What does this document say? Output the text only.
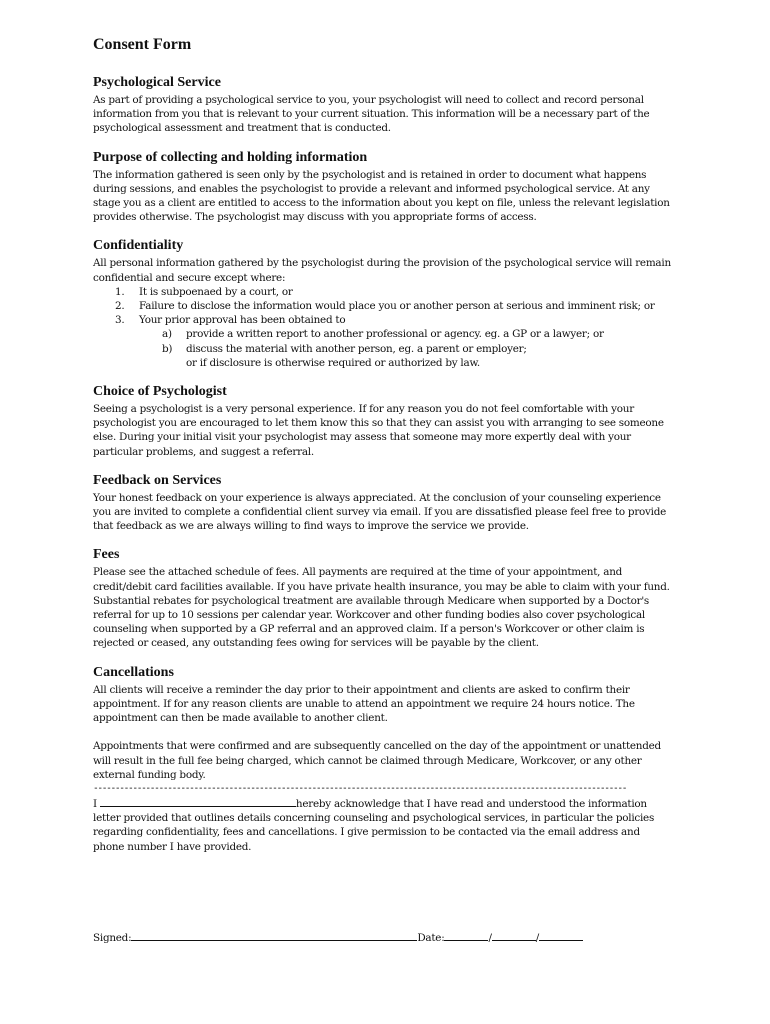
Consent Form
Psychological Service

As part of providing a psychological service to you, your psychologist will need to collect and record personal information from you that is relevant to your current situation. This information will be a necessary part of the psychological assessment and treatment that is conducted.

Purpose of collecting and holding information

The information gathered is seen only by the psychologist and is retained in order to document what happens during sessions, and enables the psychologist to provide a relevant and informed psychological service. At any stage you as a client are entitled to access to the information about you kept on file, unless the relevant legislation provides otherwise. The psychologist may discuss with you appropriate forms of access.

Confidentiality

All personal information gathered by the psychologist during the provision of the psychological service will remain confidential and secure except where:

1.	It is subpoenaed by a court, or
2.	Failure to disclose the information would place you or another person at serious and imminent risk; or
3.	Your prior approval has been obtained to
a)	provide a written report to another professional or agency. eg. a GP or a lawyer; or
b)	discuss the material with another person, eg. a parent or employer;
or if disclosure is otherwise required or authorized by law.
Choice of Psychologist

Seeing a psychologist is a very personal experience. If for any reason you do not feel comfortable with your psychologist you are encouraged to let them know this so that they can assist you with arranging to see someone else. During your initial visit your psychologist may assess that someone may more expertly deal with your particular problems, and suggest a referral.

Feedback on Services

Your honest feedback on your experience is always appreciated. At the conclusion of your counseling experience you are invited to complete a confidential client survey via email. If you are dissatisfied please feel free to provide that feedback as we are always willing to find ways to improve the service we provide.

Fees

Please see the attached schedule of fees. All payments are required at the time of your appointment, and credit/debit card facilities available. If you have private health insurance, you may be able to claim with your fund. Substantial rebates for psychological treatment are available through Medicare when supported by a Doctor's referral for up to 10 sessions per calendar year. Workcover and other funding bodies also cover psychological counseling when supported by a GP referral and an approved claim. If a person's Workcover or other claim is rejected or ceased, any outstanding fees owing for services will be payable by the client.

Cancellations

All clients will receive a reminder the day prior to their appointment and clients are asked to confirm their appointment. If for any reason clients are unable to attend an appointment we require 24 hours notice. The appointment can then be made available to another client.

Appointments that were confirmed and are subsequently cancelled on the day of the appointment or unattended will result in the full fee being charged, which cannot be claimed through Medicare, Workcover, or any other external funding body.

--------------------------------------------------------------------------------------------------------------------------

I	hereby acknowledge that I have read and understood the information letter provided that outlines details concerning counseling and psychological services, in particular the policies regarding confidentiality, fees and cancellations. I give permission to be contacted via the email address and phone number I have provided.

Signed:	Date:	/	/
